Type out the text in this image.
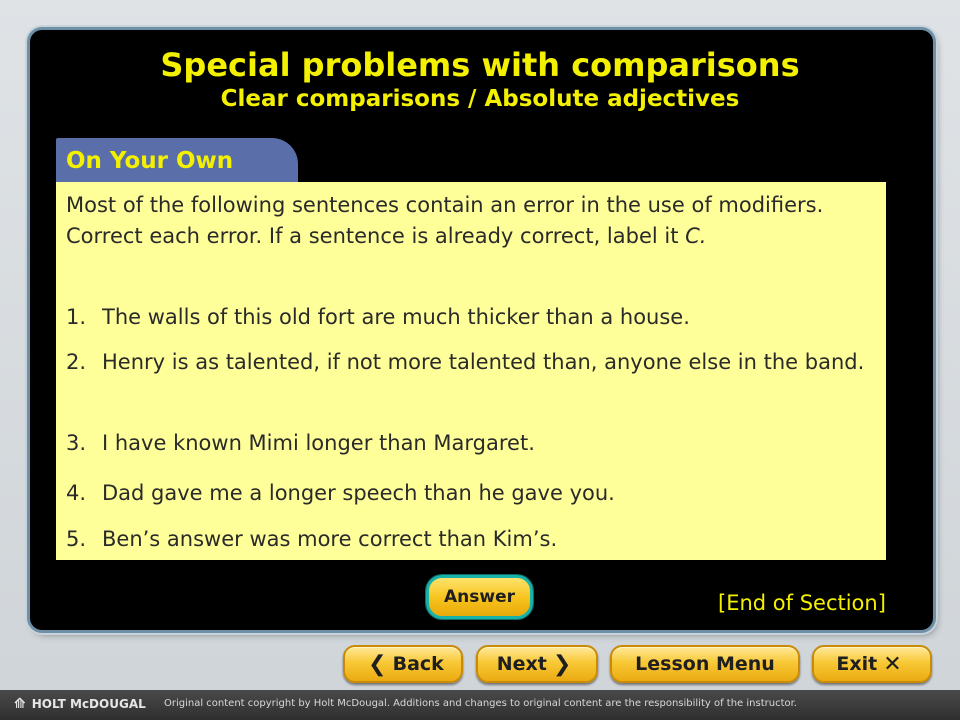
Special problems with comparisons
Clear comparisons / Absolute adjectives
On Your Own

Most of the following sentences contain an error in the use of modifiers. Correct each error. If a sentence is already correct, label it C.

1. The walls of this old fort are much thicker than a house.
2. Henry is as talented, if not more talented than, anyone else in the band.
3. I have known Mimi longer than Margaret.
4. Dad gave me a longer speech than he gave you.
5. Ben’s answer was more correct than Kim’s.
Answer	[End of Section]
❮ Back	Next ❯	Lesson Menu	Exit ✕
⟰ HOLT McDOUGAL Original content copyright by Holt McDougal. Additions and changes to original content are the responsibility of the instructor.
